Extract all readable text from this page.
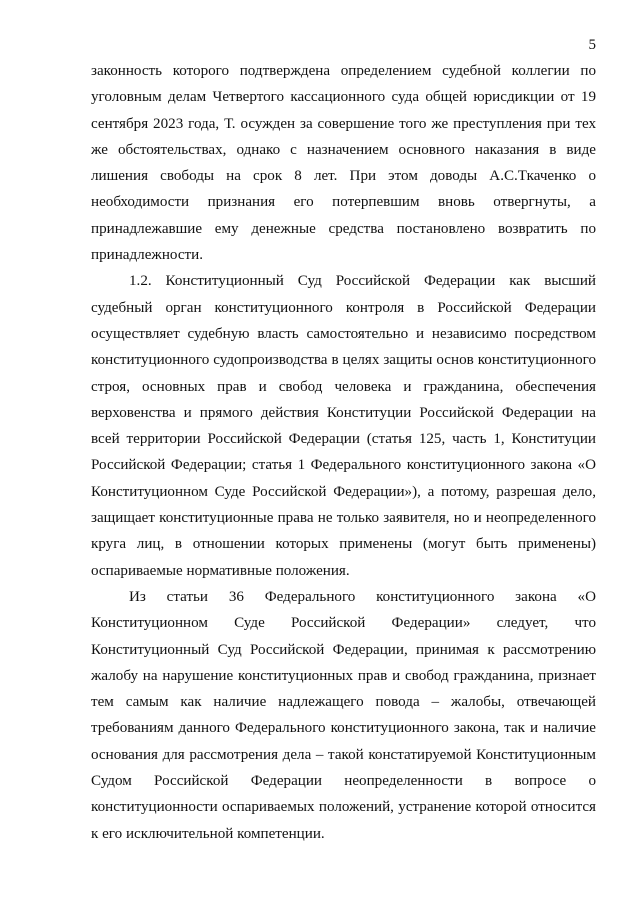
5

законность которого подтверждена определением судебной коллегии по уголовным делам Четвертого кассационного суда общей юрисдикции от 19 сентября 2023 года, Т. осужден за совершение того же преступления при тех же обстоятельствах, однако с назначением основного наказания в виде лишения свободы на срок 8 лет. При этом доводы А.С.Ткаченко о необходимости признания его потерпевшим вновь отвергнуты, а принадлежавшие ему денежные средства постановлено возвратить по принадлежности.

1.2. Конституционный Суд Российской Федерации как высший судебный орган конституционного контроля в Российской Федерации осуществляет судебную власть самостоятельно и независимо посредством конституционного судопроизводства в целях защиты основ конституционного строя, основных прав и свобод человека и гражданина, обеспечения верховенства и прямого действия Конституции Российской Федерации на всей территории Российской Федерации (статья 125, часть 1, Конституции Российской Федерации; статья 1 Федерального конституционного закона «О Конституционном Суде Российской Федерации»), а потому, разрешая дело, защищает конституционные права не только заявителя, но и неопределенного круга лиц, в отношении которых применены (могут быть применены) оспариваемые нормативные положения.

Из статьи 36 Федерального конституционного закона «О Конституционном Суде Российской Федерации» следует, что Конституционный Суд Российской Федерации, принимая к рассмотрению жалобу на нарушение конституционных прав и свобод гражданина, признает тем самым как наличие надлежащего повода – жалобы, отвечающей требованиям данного Федерального конституционного закона, так и наличие основания для рассмотрения дела – такой констатируемой Конституционным Судом Российской Федерации неопределенности в вопросе о конституционности оспариваемых положений, устранение которой относится к его исключительной компетенции.
